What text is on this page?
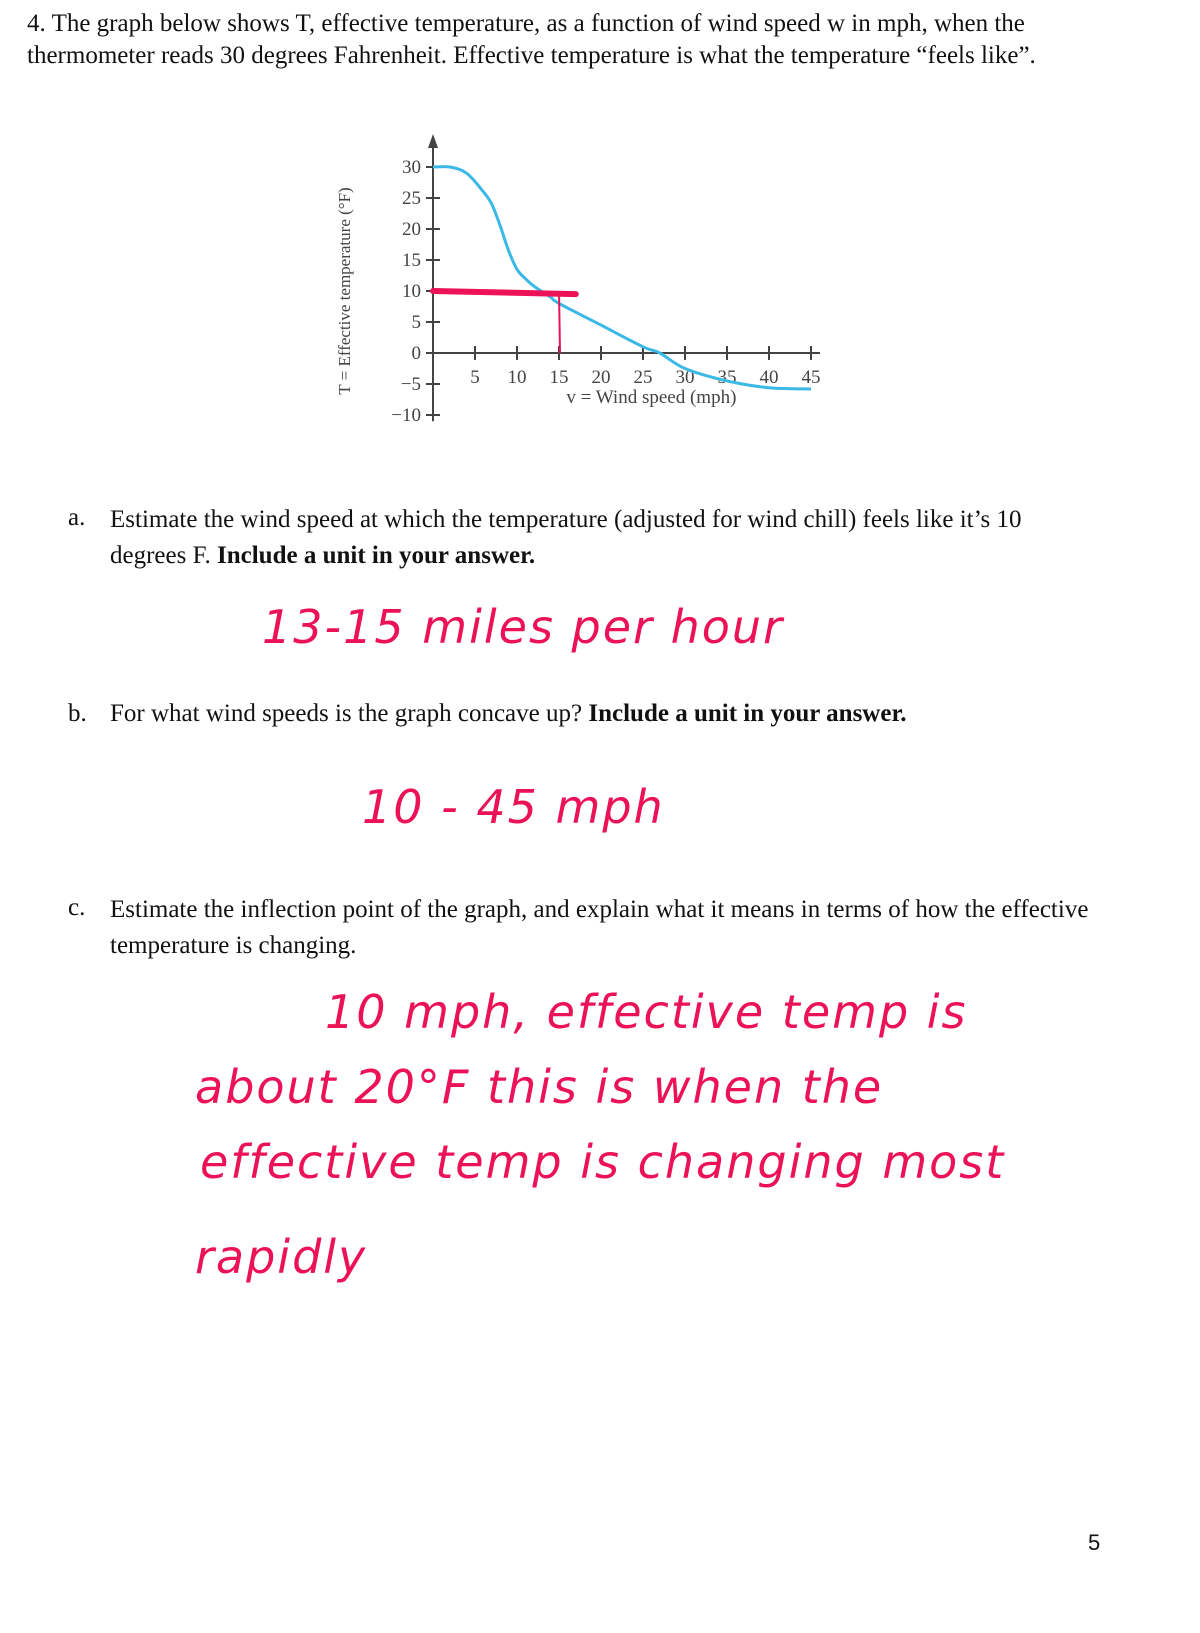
4. The graph below shows T, effective temperature, as a function of wind speed w in mph, when the thermometer reads 30 degrees Fahrenheit. Effective temperature is what the temperature “feels like”.

5 10 15 20 25 30 35 40 45
30
25
20
15
10
5
0
−5
−10
v = Wind speed (mph)
T = Effective temperature (°F)
a. Estimate the wind speed at which the temperature (adjusted for wind chill) feels like it’s 10 degrees F. Include a unit in your answer.

13-15 miles per hour
b. For what wind speeds is the graph concave up? Include a unit in your answer.

10 - 45 mph
c. Estimate the inflection point of the graph, and explain what it means in terms of how the effective temperature is changing.

10 mph, effective temp is
about 20°F this is when the
effective temp is changing most
rapidly
5
